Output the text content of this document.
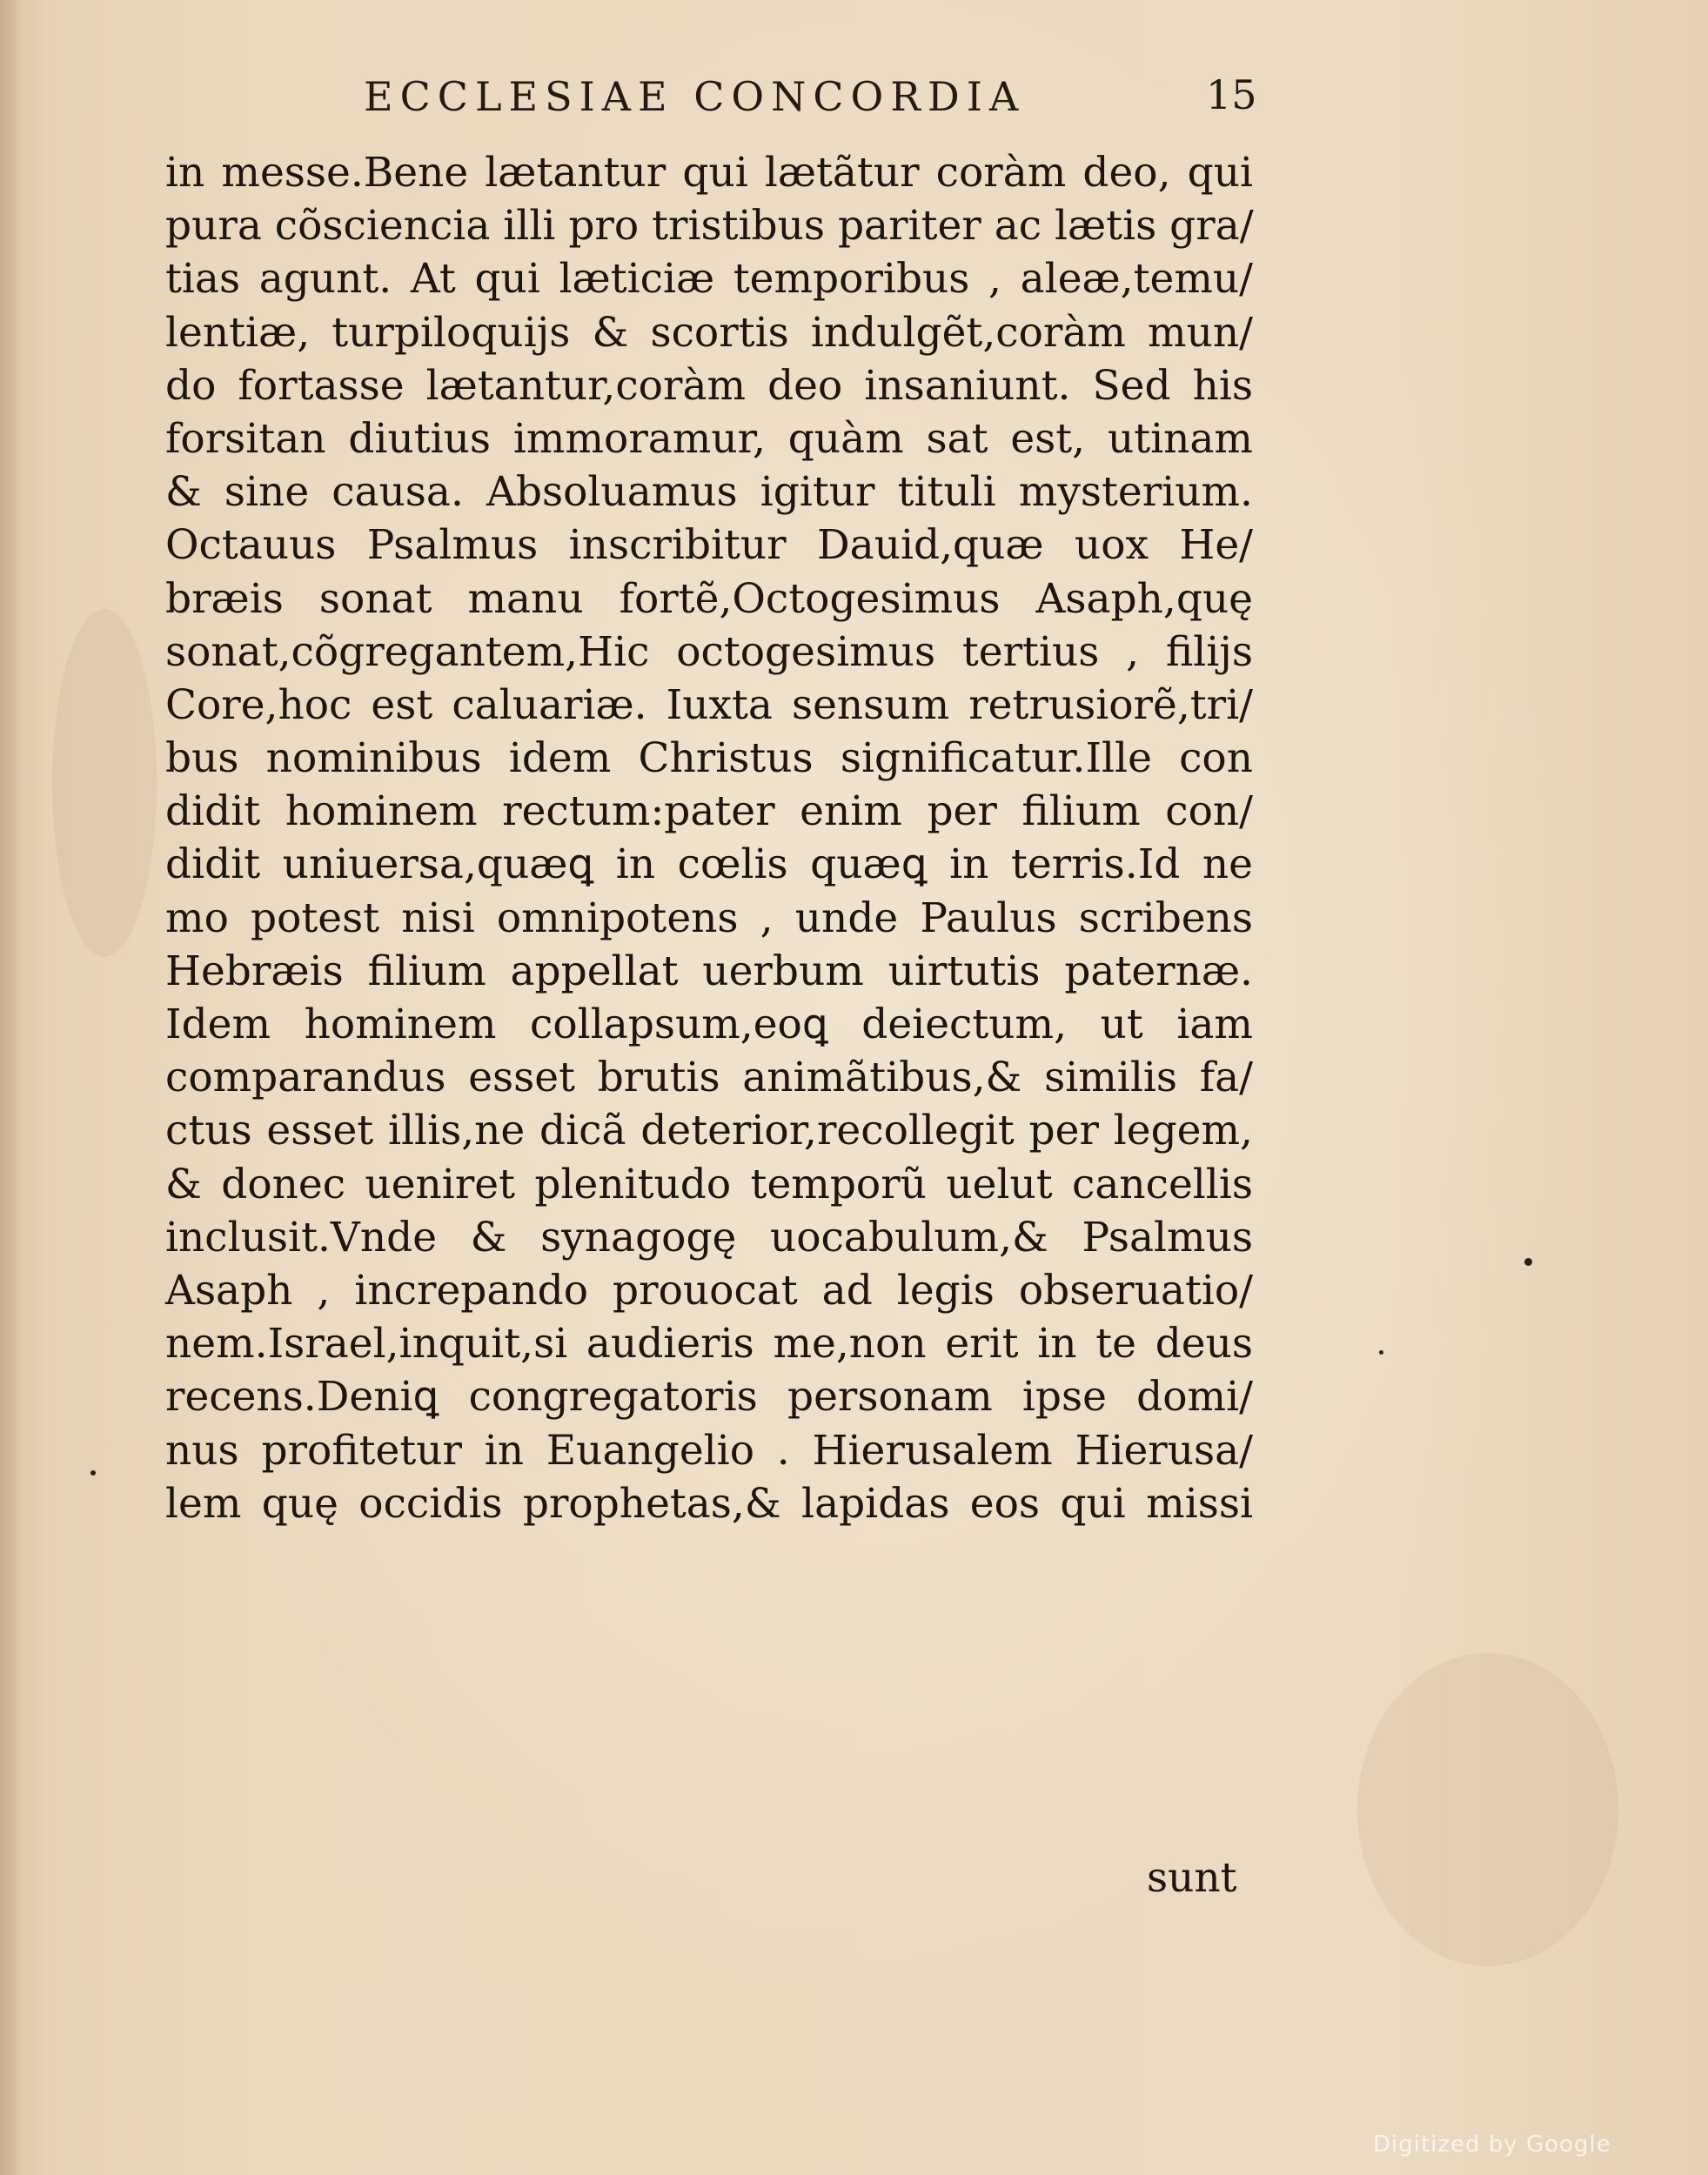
ECCLESIAE CONCORDIA	15
in messe.Bene lætantur qui lætãtur coràm deo, qui
pura cõsciencia illi pro tristibus pariter ac lætis gra/
tias agunt. At qui læticiæ temporibus , aleæ,temu/
lentiæ, turpiloquijs & scortis indulgẽt,coràm mun/
do fortasse lætantur,coràm deo insaniunt. Sed his
forsitan diutius immoramur, quàm sat est, utinam
& sine causa. Absoluamus igitur tituli mysterium.
Octauus Psalmus inscribitur Dauid,quæ uox He/
bræis sonat manu fortẽ,Octogesimus Asaph,quę
sonat,cõgregantem,Hic octogesimus tertius , filijs
Core,hoc est caluariæ. Iuxta sensum retrusiorẽ,tri/
bus nominibus idem Christus significatur.Ille con
didit hominem rectum:pater enim per filium con/
didit uniuersa,quæꝗ in cœlis quæꝗ in terris.Id ne
mo potest nisi omnipotens , unde Paulus scribens
Hebræis filium appellat uerbum uirtutis paternæ.
Idem hominem collapsum,eoꝗ deiectum, ut iam
comparandus esset brutis animãtibus,& similis fa/
ctus esset illis,ne dicã deterior,recollegit per legem,
& donec ueniret plenitudo temporũ uelut cancellis
inclusit.Vnde & synagogę uocabulum,& Psalmus
Asaph , increpando prouocat ad legis obseruatio/
nem.Israel,inquit,si audieris me,non erit in te deus
recens.Deniꝗ congregatoris personam ipse domi/
nus profitetur in Euangelio . Hierusalem Hierusa/
lem quę occidis prophetas,& lapidas eos qui missi
sunt
Digitized by Google
